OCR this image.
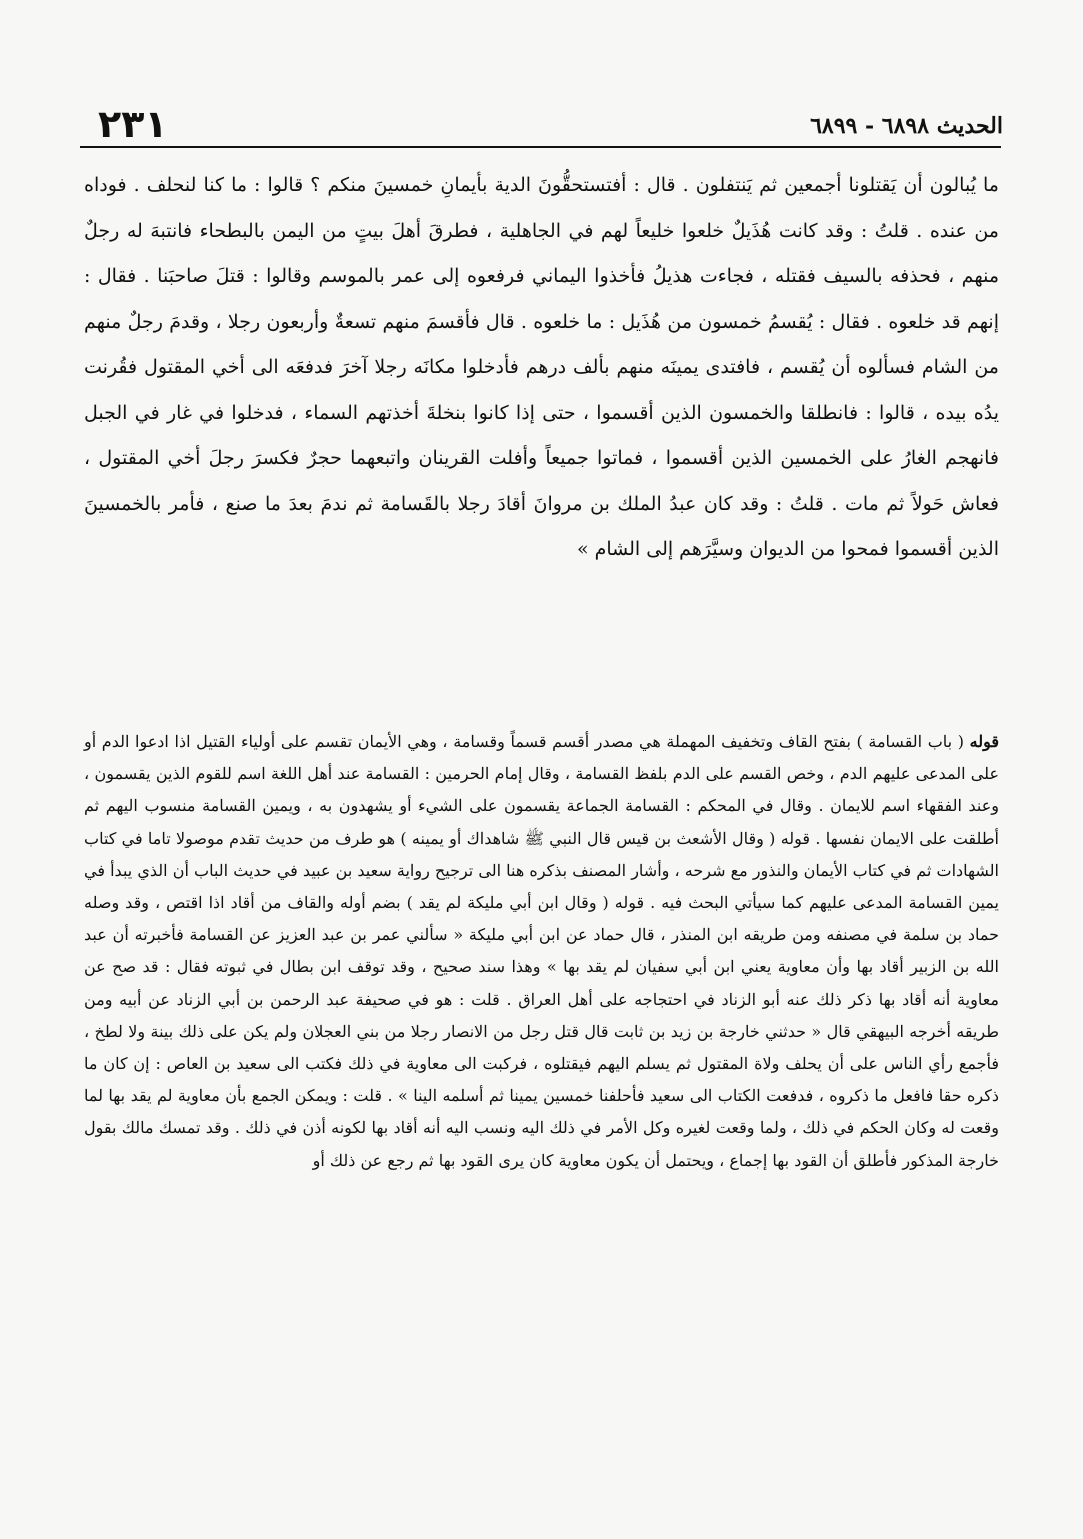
٢٣١	الحديث ٦٨٩٨ - ٦٨٩٩

ما يُبالون أن يَقتلونا أجمعين ثم يَنتفلون . قال : أفتستحقُّونَ الدية بأيمانِ خمسينَ منكم ؟ قالوا : ما كنا لنحلف . فوداه من عنده . قلتُ : وقد كانت هُذَيلٌ خلعوا خليعاً لهم في الجاهلية ، فطرقَ أهلَ بيتٍ من اليمن بالبطحاء فانتبهَ له رجلٌ منهم ، فحذفه بالسيف فقتله ، فجاءت هذيلُ فأخذوا اليماني فرفعوه إلى عمر بالموسم وقالوا : قتلَ صاحبَنا . فقال : إنهم قد خلعوه . فقال : يُقسمُ خمسون من هُذَيل : ما خلعوه . قال فأقسمَ منهم تسعةٌ وأربعون رجلا ، وقدمَ رجلٌ منهم من الشام فسألوه أن يُقسم ، فافتدى يمينَه منهم بألف درهم فأدخلوا مكانَه رجلا آخرَ فدفعَه الى أخي المقتول فقُرنت يدُه بيده ، قالوا : فانطلقا والخمسون الذين أقسموا ، حتى إذا كانوا بنخلةَ أخذتهم السماء ، فدخلوا في غار في الجبل فانهجم الغارُ على الخمسين الذين أقسموا ، فماتوا جميعاً وأفلت القرينان واتبعهما حجرٌ فكسرَ رجلَ أخي المقتول ، فعاش حَولاً ثم مات . قلتُ : وقد كان عبدُ الملك بن مروانَ أقادَ رجلا بالقَسامة ثم ندمَ بعدَ ما صنع ، فأمر بالخمسينَ الذين أقسموا فمحوا من الديوان وسيَّرَهم إلى الشام »

قوله ( باب القسامة ) بفتح القاف وتخفيف المهملة هي مصدر أقسم قسماً وقسامة ، وهي الأيمان تقسم على أولياء القتيل اذا ادعوا الدم أو على المدعى عليهم الدم ، وخص القسم على الدم بلفظ القسامة ، وقال إمام الحرمين : القسامة عند أهل اللغة اسم للقوم الذين يقسمون ، وعند الفقهاء اسم للايمان . وقال في المحكم : القسامة الجماعة يقسمون على الشيء أو يشهدون به ، ويمين القسامة منسوب اليهم ثم أطلقت على الايمان نفسها . قوله ( وقال الأشعث بن قيس قال النبي ﷺ شاهداك أو يمينه ) هو طرف من حديث تقدم موصولا تاما في كتاب الشهادات ثم في كتاب الأيمان والنذور مع شرحه ، وأشار المصنف بذكره هنا الى ترجيح رواية سعيد بن عبيد في حديث الباب أن الذي يبدأ في يمين القسامة المدعى عليهم كما سيأتي البحث فيه . قوله ( وقال ابن أبي مليكة لم يقد ) بضم أوله والقاف من أقاد اذا اقتص ، وقد وصله حماد بن سلمة في مصنفه ومن طريقه ابن المنذر ، قال حماد عن ابن أبي مليكة « سألني عمر بن عبد العزيز عن القسامة فأخبرته أن عبد الله بن الزبير أقاد بها وأن معاوية يعني ابن أبي سفيان لم يقد بها » وهذا سند صحيح ، وقد توقف ابن بطال في ثبوته فقال : قد صح عن معاوية أنه أقاد بها ذكر ذلك عنه أبو الزناد في احتجاجه على أهل العراق . قلت : هو في صحيفة عبد الرحمن بن أبي الزناد عن أبيه ومن طريقه أخرجه البيهقي قال « حدثني خارجة بن زيد بن ثابت قال قتل رجل من الانصار رجلا من بني العجلان ولم يكن على ذلك بينة ولا لطخ ، فأجمع رأي الناس على أن يحلف ولاة المقتول ثم يسلم اليهم فيقتلوه ، فركبت الى معاوية في ذلك فكتب الى سعيد بن العاص : إن كان ما ذكره حقا فافعل ما ذكروه ، فدفعت الكتاب الى سعيد فأحلفنا خمسين يمينا ثم أسلمه الينا » . قلت : ويمكن الجمع بأن معاوية لم يقد بها لما وقعت له وكان الحكم في ذلك ، ولما وقعت لغيره وكل الأمر في ذلك اليه ونسب اليه أنه أقاد بها لكونه أذن في ذلك . وقد تمسك مالك بقول خارجة المذكور فأطلق أن القود بها إجماع ، ويحتمل أن يكون معاوية كان يرى القود بها ثم رجع عن ذلك أو
